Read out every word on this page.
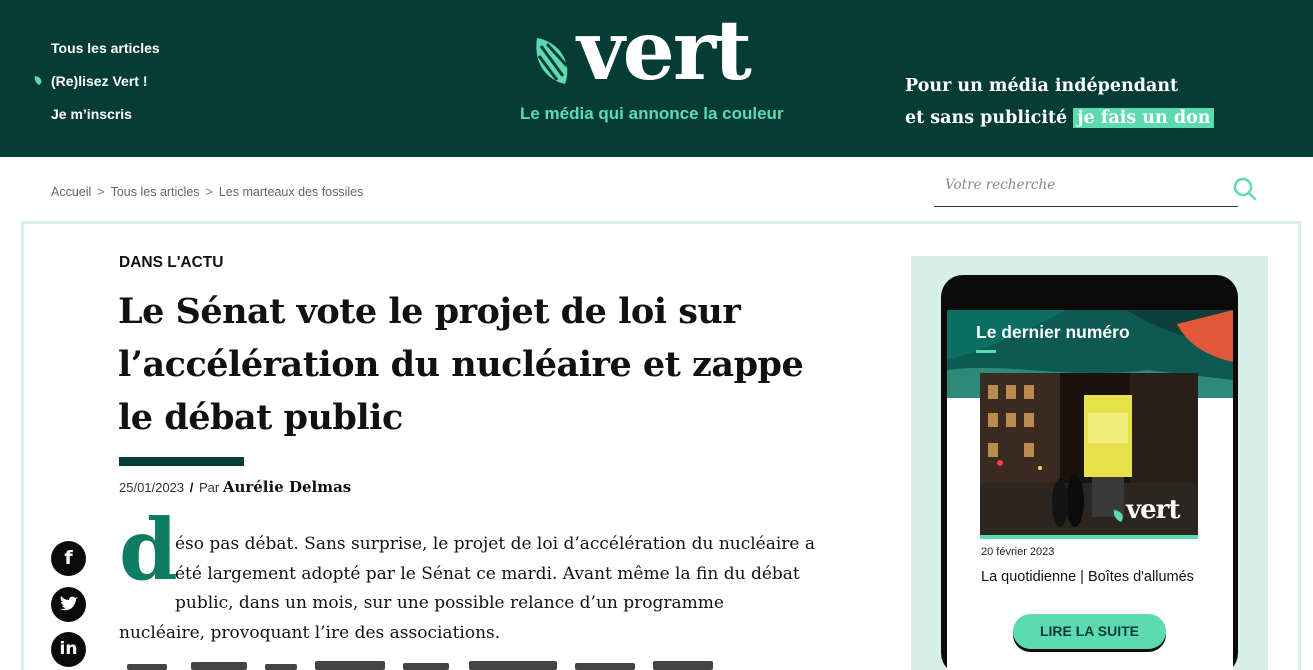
Tous les articles
(Re)lisez Vert !
Je m’inscris
vert
Le média qui annonce la couleur
Pour un média indépendant
et sans publicité je fais un don
Accueil > Tous les articles > Les marteaux des fossiles
Votre recherche
DANS L'ACTU
Le Sénat vote le projet de loi sur
l’accélération du nucléaire et zappe
le débat public
25/01/2023 / Par Aurélie Delmas
d
éso pas débat. Sans surprise, le projet de loi d’accélération du nucléaire a
été largement adopté par le Sénat ce mardi. Avant même la fin du débat
public, dans un mois, sur une possible relance d’un programme
nucléaire, provoquant l’ire des associations.
f
in
Le dernier numéro
vert
20 février 2023
La quotidienne | Boîtes d'allumés
LIRE LA SUITE
